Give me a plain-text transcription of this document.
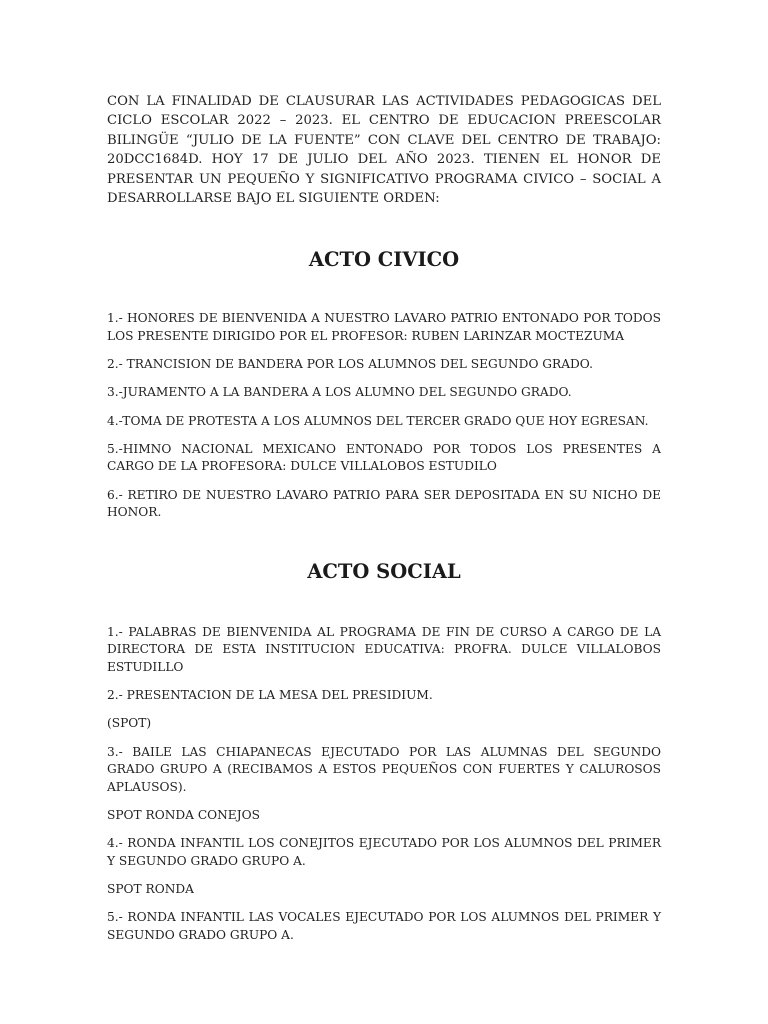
CON LA FINALIDAD DE CLAUSURAR LAS ACTIVIDADES PEDAGOGICAS DEL CICLO ESCOLAR 2022 – 2023. EL CENTRO DE EDUCACION PREESCOLAR BILINGÜE “JULIO DE LA FUENTE” CON CLAVE DEL CENTRO DE TRABAJO: 20DCC1684D. HOY 17 DE JULIO DEL AÑO 2023. TIENEN EL HONOR DE PRESENTAR UN PEQUEÑO Y SIGNIFICATIVO PROGRAMA CIVICO – SOCIAL A DESARROLLARSE BAJO EL SIGUIENTE ORDEN:

ACTO CIVICO

1.- HONORES DE BIENVENIDA A NUESTRO LAVARO PATRIO ENTONADO POR TODOS LOS PRESENTE DIRIGIDO POR EL PROFESOR: RUBEN LARINZAR MOCTEZUMA

2.- TRANCISION DE BANDERA POR LOS ALUMNOS DEL SEGUNDO GRADO.

3.-JURAMENTO A LA BANDERA A LOS ALUMNO DEL SEGUNDO GRADO.

4.-TOMA DE PROTESTA A LOS ALUMNOS DEL TERCER GRADO QUE HOY EGRESAN.

5.-HIMNO NACIONAL MEXICANO ENTONADO POR TODOS LOS PRESENTES A CARGO DE LA PROFESORA: DULCE VILLALOBOS ESTUDILO

6.- RETIRO DE NUESTRO LAVARO PATRIO PARA SER DEPOSITADA EN SU NICHO DE HONOR.

ACTO SOCIAL

1.- PALABRAS DE BIENVENIDA AL PROGRAMA DE FIN DE CURSO A CARGO DE LA DIRECTORA DE ESTA INSTITUCION EDUCATIVA: PROFRA. DULCE VILLALOBOS ESTUDILLO

2.- PRESENTACION DE LA MESA DEL PRESIDIUM.

(SPOT)

3.- BAILE LAS CHIAPANECAS EJECUTADO POR LAS ALUMNAS DEL SEGUNDO GRADO GRUPO A (RECIBAMOS A ESTOS PEQUEÑOS CON FUERTES Y CALUROSOS APLAUSOS).

SPOT RONDA CONEJOS

4.- RONDA INFANTIL LOS CONEJITOS EJECUTADO POR LOS ALUMNOS DEL PRIMER Y SEGUNDO GRADO GRUPO A.

SPOT RONDA

5.- RONDA INFANTIL LAS VOCALES EJECUTADO POR LOS ALUMNOS DEL PRIMER Y SEGUNDO GRADO GRUPO A.
